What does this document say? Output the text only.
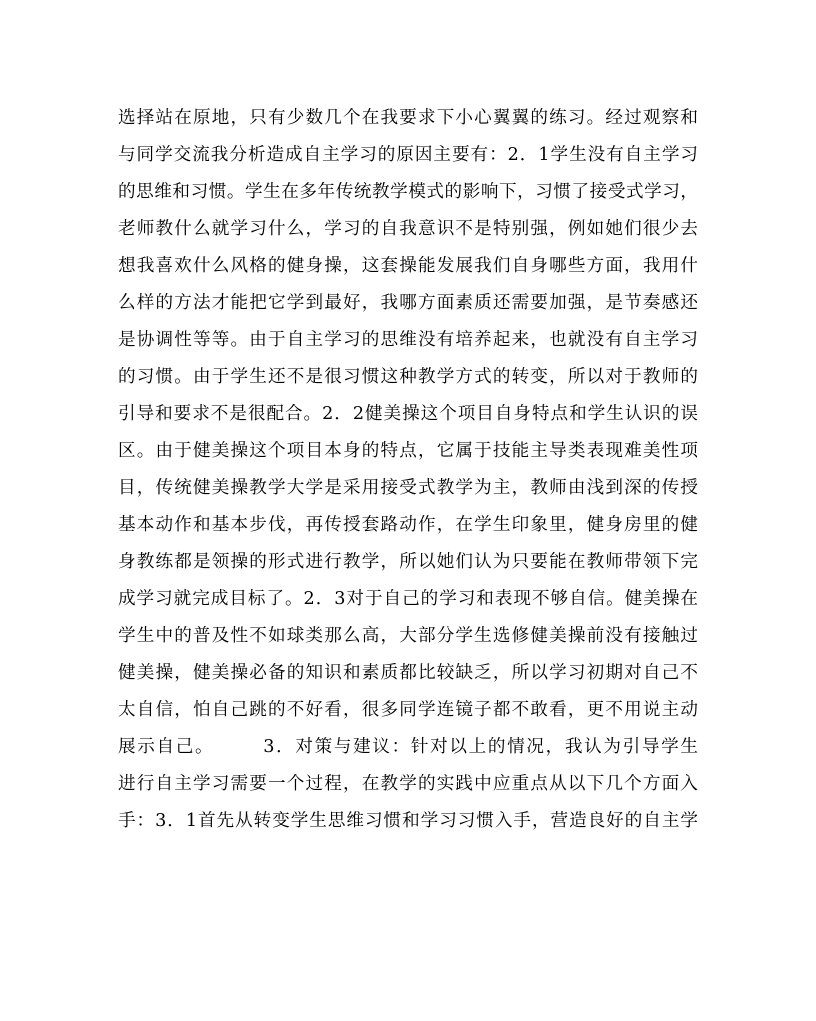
选择站在原地，只有少数几个在我要求下小心翼翼的练习。经过观察和
与同学交流我分析造成自主学习的原因主要有：2．1学生没有自主学习
的思维和习惯。学生在多年传统教学模式的影响下，习惯了接受式学习，
老师教什么就学习什么，学习的自我意识不是特别强，例如她们很少去
想我喜欢什么风格的健身操，这套操能发展我们自身哪些方面，我用什
么样的方法才能把它学到最好，我哪方面素质还需要加强，是节奏感还
是协调性等等。由于自主学习的思维没有培养起来，也就没有自主学习
的习惯。由于学生还不是很习惯这种教学方式的转变，所以对于教师的
引导和要求不是很配合。2．2健美操这个项目自身特点和学生认识的误
区。由于健美操这个项目本身的特点，它属于技能主导类表现难美性项
目，传统健美操教学大学是采用接受式教学为主，教师由浅到深的传授
基本动作和基本步伐，再传授套路动作，在学生印象里，健身房里的健
身教练都是领操的形式进行教学，所以她们认为只要能在教师带领下完
成学习就完成目标了。2．3对于自己的学习和表现不够自信。健美操在
学生中的普及性不如球类那么高，大部分学生选修健美操前没有接触过
健美操，健美操必备的知识和素质都比较缺乏，所以学习初期对自己不
太自信，怕自己跳的不好看，很多同学连镜子都不敢看，更不用说主动
展示自己。　　　3．对策与建议：针对以上的情况，我认为引导学生
进行自主学习需要一个过程，在教学的实践中应重点从以下几个方面入
手：3．1首先从转变学生思维习惯和学习习惯入手，营造良好的自主学
